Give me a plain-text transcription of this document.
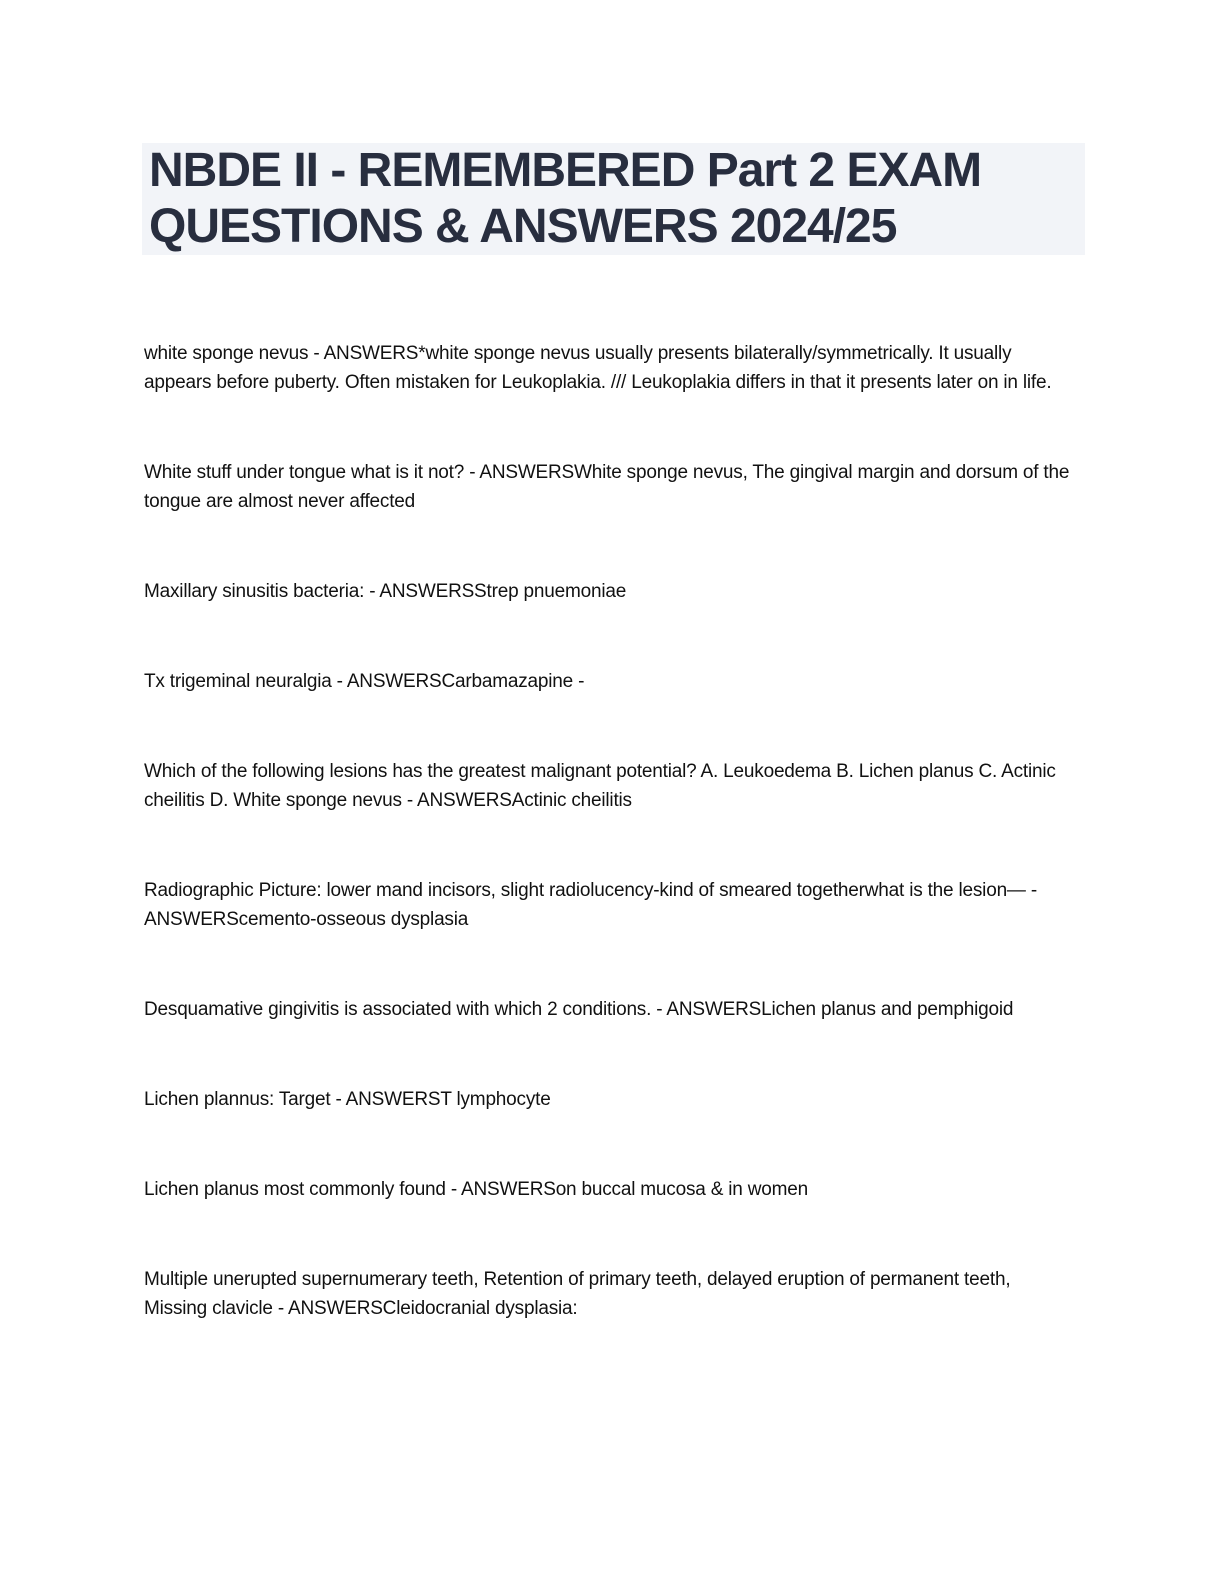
NBDE II - REMEMBERED Part 2 EXAM QUESTIONS & ANSWERS 2024/25

white sponge nevus - ANSWERS*white sponge nevus usually presents bilaterally/symmetrically. It usually appears before puberty. Often mistaken for Leukoplakia. /// Leukoplakia differs in that it presents later on in life.

White stuff under tongue what is it not? - ANSWERSWhite sponge nevus, The gingival margin and dorsum of the tongue are almost never affected

Maxillary sinusitis bacteria: - ANSWERSStrep pnuemoniae

Tx trigeminal neuralgia - ANSWERSCarbamazapine -

Which of the following lesions has the greatest malignant potential? A. Leukoedema B. Lichen planus C. Actinic cheilitis D. White sponge nevus - ANSWERSActinic cheilitis

Radiographic Picture: lower mand incisors, slight radiolucency-kind of smeared togetherwhat is the lesion— - ANSWERScemento-osseous dysplasia

Desquamative gingivitis is associated with which 2 conditions. - ANSWERSLichen planus and pemphigoid

Lichen plannus: Target - ANSWERST lymphocyte

Lichen planus most commonly found - ANSWERSon buccal mucosa & in women

Multiple unerupted supernumerary teeth, Retention of primary teeth, delayed eruption of permanent teeth, Missing clavicle - ANSWERSCleidocranial dysplasia:
